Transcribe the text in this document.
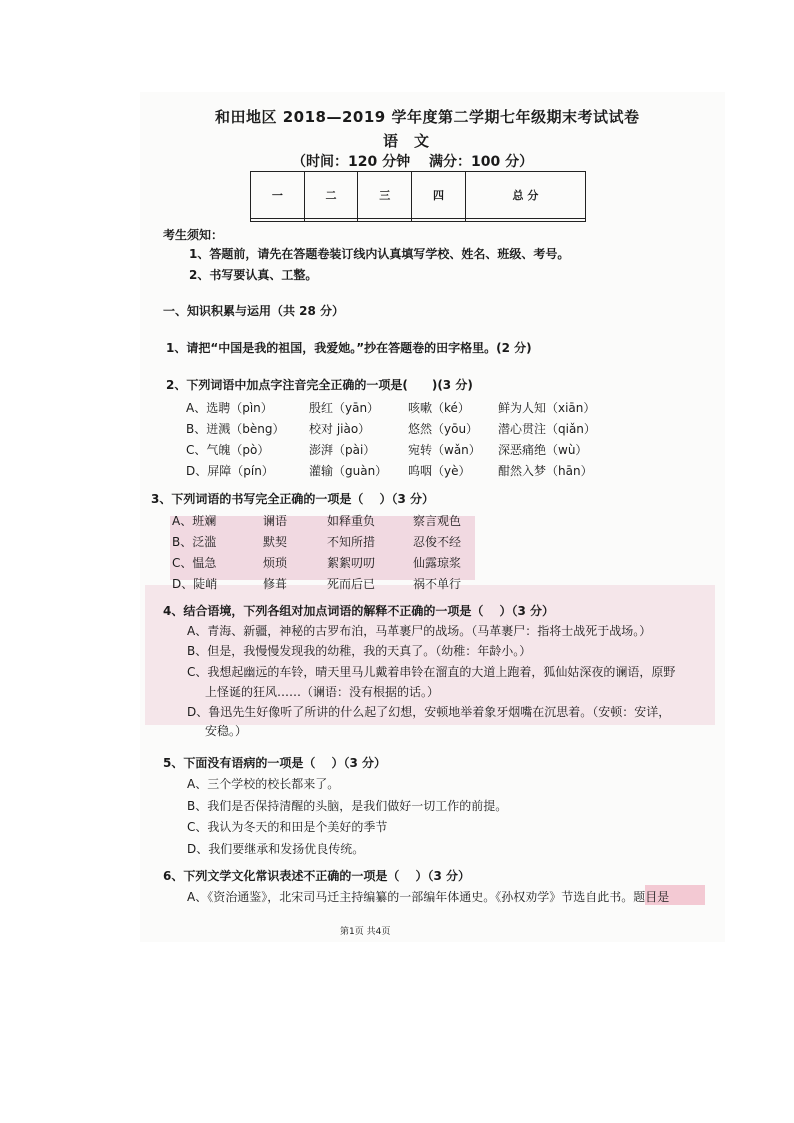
和田地区 2018—2019 学年度第二学期七年级期末考试试卷
语文
（时间：120 分钟　 满分：100 分）
一	二	三	四	总 分

考生须知：
1、答题前，请先在答题卷装订线内认真填写学校、姓名、班级、考号。
2、书写要认真、工整。
一、知识积累与运用（共 28 分）
1、请把“中国是我的祖国，我爱她。”抄在答题卷的田字格里。(2 分)
2、下列词语中加点字注音完全正确的一项是(　　)(3 分)
A、选聘（pìn）	殷红（yān） 咳嗽（ké） 鲜为人知（xiān）
B、迸溅（bèng） 校对 jiào）	悠然（yōu） 潜心贯注（qiǎn）
C、气魄（pò）	澎湃（pài）	宛转（wǎn） 深恶痛绝（wù）
D、屏障（pín）	灌输（guàn） 呜咽（yè） 酣然入梦（hān）
3、下列词语的书写完全正确的一项是（　 ）（3 分）
A、班斓	谰语	如释重负	察言观色
B、泛滥	默契	不知所措	忍俊不经
C、愠急	烦琐	絮絮叨叨	仙露琼浆
D、陡峭	修葺	死而后已	祸不单行
4、结合语境，下列各组对加点词语的解释不正确的一项是（　 ）（3 分）
A、青海、新疆，神秘的古罗布泊，马革裹尸的战场。（马革裹尸：指将士战死于战场。）
B、但是，我慢慢发现我的幼稚，我的天真了。（幼稚：年龄小。）
C、我想起幽远的车铃，晴天里马儿戴着串铃在溜直的大道上跑着，狐仙姑深夜的谰语，原野
上怪诞的狂风……（谰语：没有根据的话。）
D、鲁迅先生好像听了所讲的什么起了幻想，安顿地举着象牙烟嘴在沉思着。（安顿：安详，
安稳。）
5、下面没有语病的一项是（　 ）（3 分）
A、三个学校的校长都来了。
B、我们是否保持清醒的头脑，是我们做好一切工作的前提。
C、我认为冬天的和田是个美好的季节
D、我们要继承和发扬优良传统。
6、下列文学文化常识表述不正确的一项是（　 ）（3 分）
A、《资治通鉴》，北宋司马迁主持编纂的一部编年体通史。《孙权劝学》节选自此书。题目是
第1页 共4页
